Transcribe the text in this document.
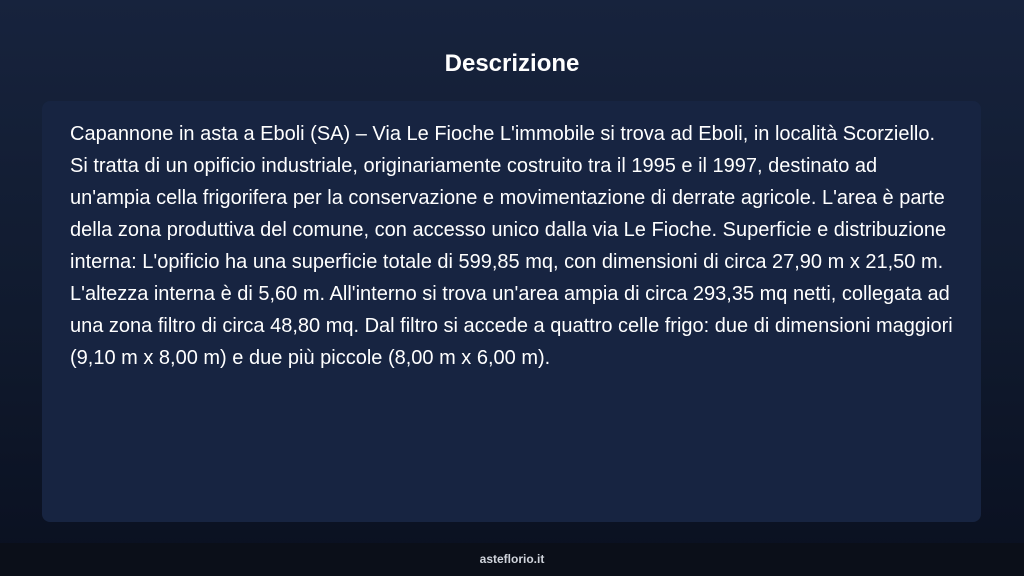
Descrizione

Capannone in asta a Eboli (SA) – Via Le Fioche L'immobile si trova ad Eboli, in località Scorziello. Si tratta di un opificio industriale, originariamente costruito tra il 1995 e il 1997, destinato ad un'ampia cella frigorifera per la conservazione e movimentazione di derrate agricole. L'area è parte della zona produttiva del comune, con accesso unico dalla via Le Fioche. Superficie e distribuzione interna: L'opificio ha una superficie totale di 599,85 mq, con dimensioni di circa 27,90 m x 21,50 m. L'altezza interna è di 5,60 m. All'interno si trova un'area ampia di circa 293,35 mq netti, collegata ad una zona filtro di circa 48,80 mq. Dal filtro si accede a quattro celle frigo: due di dimensioni maggiori (9,10 m x 8,00 m) e due più piccole (8,00 m x 6,00 m).

asteflorio.it
